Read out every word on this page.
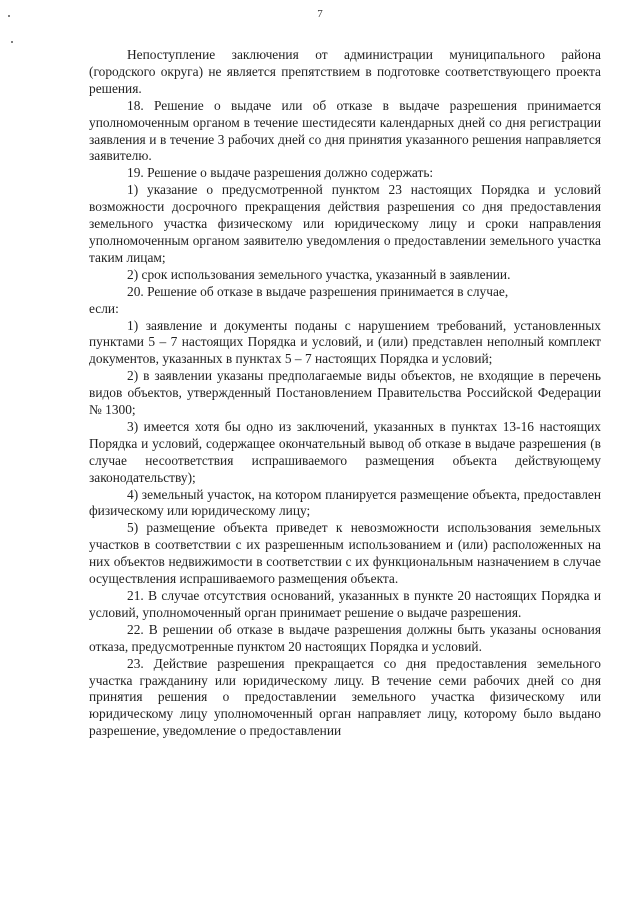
7

Непоступление заключения от администрации муниципального района (городского округа) не является препятствием в подготовке соответствующего проекта решения.

18. Решение о выдаче или об отказе в выдаче разрешения принимается уполномоченным органом в течение шестидесяти календарных дней со дня регистрации заявления и в течение 3 рабочих дней со дня принятия указанного решения направляется заявителю.

19. Решение о выдаче разрешения должно содержать:

1) указание о предусмотренной пунктом 23 настоящих Порядка и условий возможности досрочного прекращения действия разрешения со дня предоставления земельного участка физическому или юридическому лицу и сроки направления уполномоченным органом заявителю уведомления о предоставлении земельного участка таким лицам;

2) срок использования земельного участка, указанный в заявлении.

20. Решение об отказе в выдаче разрешения принимается в случае,

если:

1) заявление и документы поданы с нарушением требований, установленных пунктами 5 – 7 настоящих Порядка и условий, и (или) представлен неполный комплект документов, указанных в пунктах 5 – 7 настоящих Порядка и условий;

2) в заявлении указаны предполагаемые виды объектов, не входящие в перечень видов объектов, утвержденный Постановлением Правительства Российской Федерации № 1300;

3) имеется хотя бы одно из заключений, указанных в пунктах 13-16 настоящих Порядка и условий, содержащее окончательный вывод об отказе в выдаче разрешения (в случае несоответствия испрашиваемого размещения объекта действующему законодательству);

4) земельный участок, на котором планируется размещение объекта, предоставлен физическому или юридическому лицу;

5) размещение объекта приведет к невозможности использования земельных участков в соответствии с их разрешенным использованием и (или) расположенных на них объектов недвижимости в соответствии с их функциональным назначением в случае осуществления испрашиваемого размещения объекта.

21. В случае отсутствия оснований, указанных в пункте 20 настоящих Порядка и условий, уполномоченный орган принимает решение о выдаче разрешения.

22. В решении об отказе в выдаче разрешения должны быть указаны основания отказа, предусмотренные пунктом 20 настоящих Порядка и условий.

23. Действие разрешения прекращается со дня предоставления земельного участка гражданину или юридическому лицу. В течение семи рабочих дней со дня принятия решения о предоставлении земельного участка физическому или юридическому лицу уполномоченный орган направляет лицу, которому было выдано разрешение, уведомление о предоставлении
